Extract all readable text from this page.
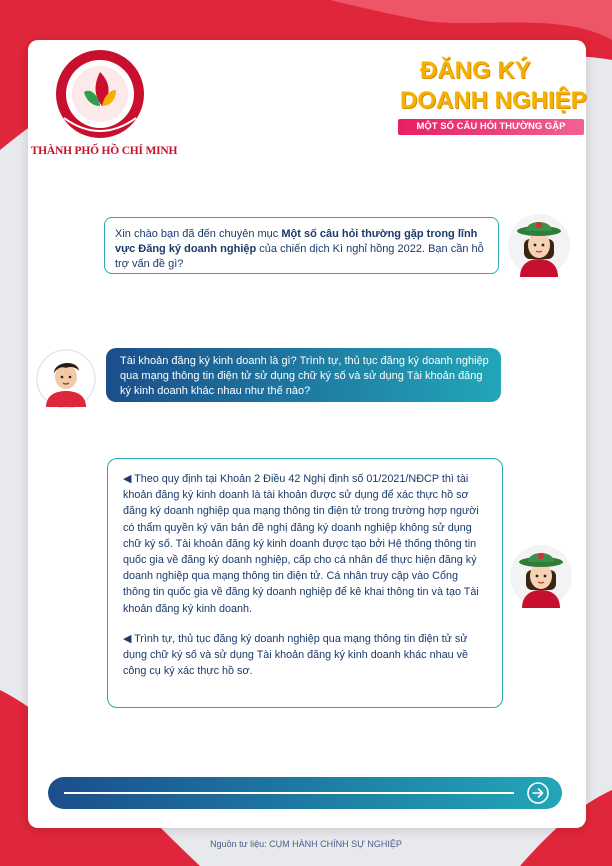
THÀNH PHỐ HỒ CHÍ MINH
ĐĂNG KÝ
DOANH NGHIỆP
MỘT SỐ CÂU HỎI THƯỜNG GẶP
Xin chào bạn đã đến chuyên mục Một số câu hỏi thường gặp trong lĩnh vực Đăng ký doanh nghiệp của chiến dịch Kì nghỉ hồng 2022. Bạn cần hỗ trợ vấn đề gì?
Tài khoản đăng ký kinh doanh là gì? Trình tự, thủ tục đăng ký doanh nghiệp qua mạng thông tin điện tử sử dụng chữ ký số và sử dụng Tài khoản đăng ký kinh doanh khác nhau như thế nào?

◀ Theo quy định tại Khoản 2 Điều 42 Nghị định số 01/2021/NĐCP thì tài khoản đăng ký kinh doanh là tài khoản được sử dụng để xác thực hồ sơ đăng ký doanh nghiệp qua mạng thông tin điện tử trong trường hợp người có thẩm quyền ký văn bản đề nghị đăng ký doanh nghiệp không sử dụng chữ ký số. Tài khoản đăng ký kinh doanh được tạo bởi Hệ thống thông tin quốc gia về đăng ký doanh nghiệp, cấp cho cá nhân để thực hiện đăng ký doanh nghiệp qua mạng thông tin điện tử. Cá nhân truy cập vào Cổng thông tin quốc gia về đăng ký doanh nghiệp để kê khai thông tin và tạo Tài khoản đăng ký kinh doanh.

◀ Trình tự, thủ tục đăng ký doanh nghiệp qua mạng thông tin điện tử sử dụng chữ ký số và sử dụng Tài khoản đăng ký kinh doanh khác nhau về công cụ ký xác thực hồ sơ.

Nguồn tư liệu: CỤM HÀNH CHÍNH SỰ NGHIỆP
